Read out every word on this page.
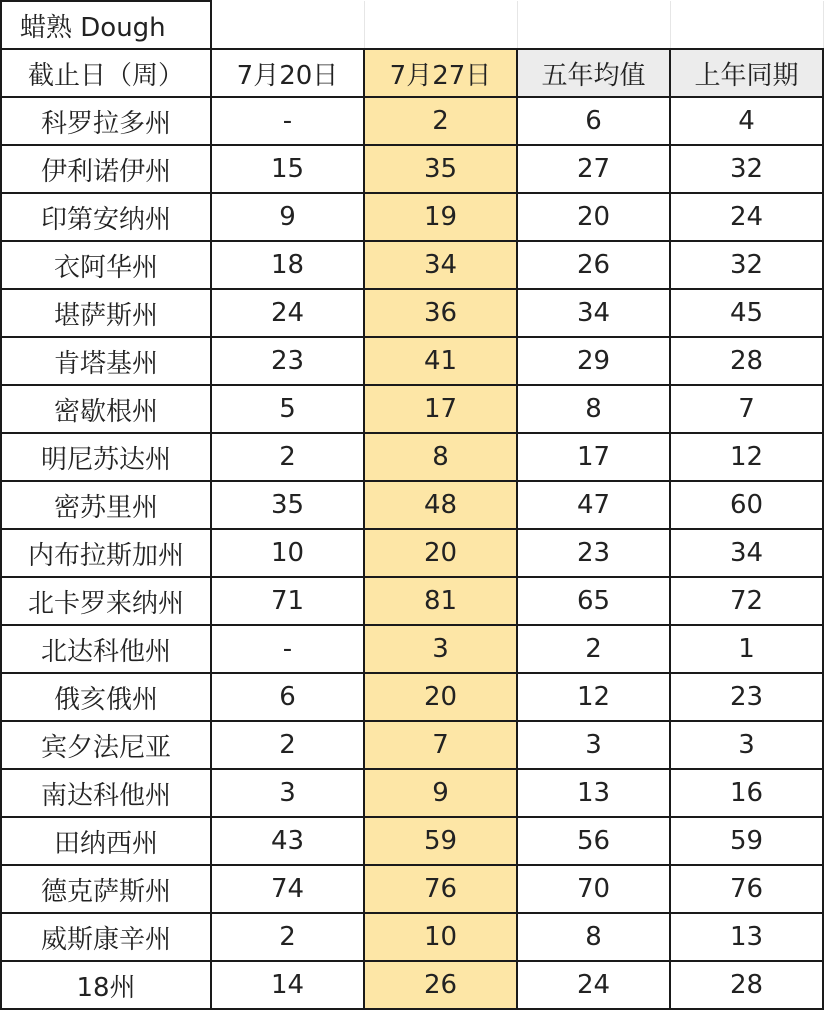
蜡熟 Dough				
截止日（周）	7月20日	7月27日	五年均值	上年同期
科罗拉多州	-	2	6	4
伊利诺伊州	15	35	27	32
印第安纳州	9	19	20	24
衣阿华州	18	34	26	32
堪萨斯州	24	36	34	45
肯塔基州	23	41	29	28
密歇根州	5	17	8	7
明尼苏达州	2	8	17	12
密苏里州	35	48	47	60
内布拉斯加州	10	20	23	34
北卡罗来纳州	71	81	65	72
北达科他州	-	3	2	1
俄亥俄州	6	20	12	23
宾夕法尼亚	2	7	3	3
南达科他州	3	9	13	16
田纳西州	43	59	56	59
德克萨斯州	74	76	70	76
威斯康辛州	2	10	8	13
18州	14	26	24	28
